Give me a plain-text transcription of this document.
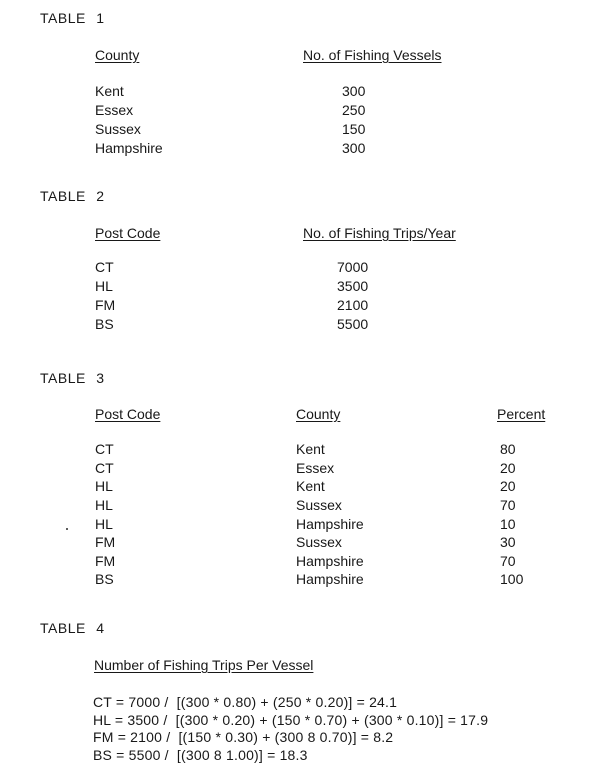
TABLE 1
County	No. of Fishing Vessels
Kent	300
Essex	250
Sussex	150
Hampshire	300
TABLE 2
Post Code	No. of Fishing Trips/Year
CT	7000
HL	3500
FM	2100
BS	5500
TABLE 3
Post Code	County	Percent
CT	Kent	80
CT	Essex	20
HL	Kent	20
HL	Sussex	70
HL	Hampshire	10
FM	Sussex	30
FM	Hampshire	70
BS	Hampshire	100
TABLE 4
Number of Fishing Trips Per Vessel
CT = 7000 /  [(300 * 0.80) + (250 * 0.20)] = 24.1
HL = 3500 /  [(300 * 0.20) + (150 * 0.70) + (300 * 0.10)] = 17.9
FM = 2100 /  [(150 * 0.30) + (300 8 0.70)] = 8.2
BS = 5500 /  [(300 8 1.00)] = 18.3
